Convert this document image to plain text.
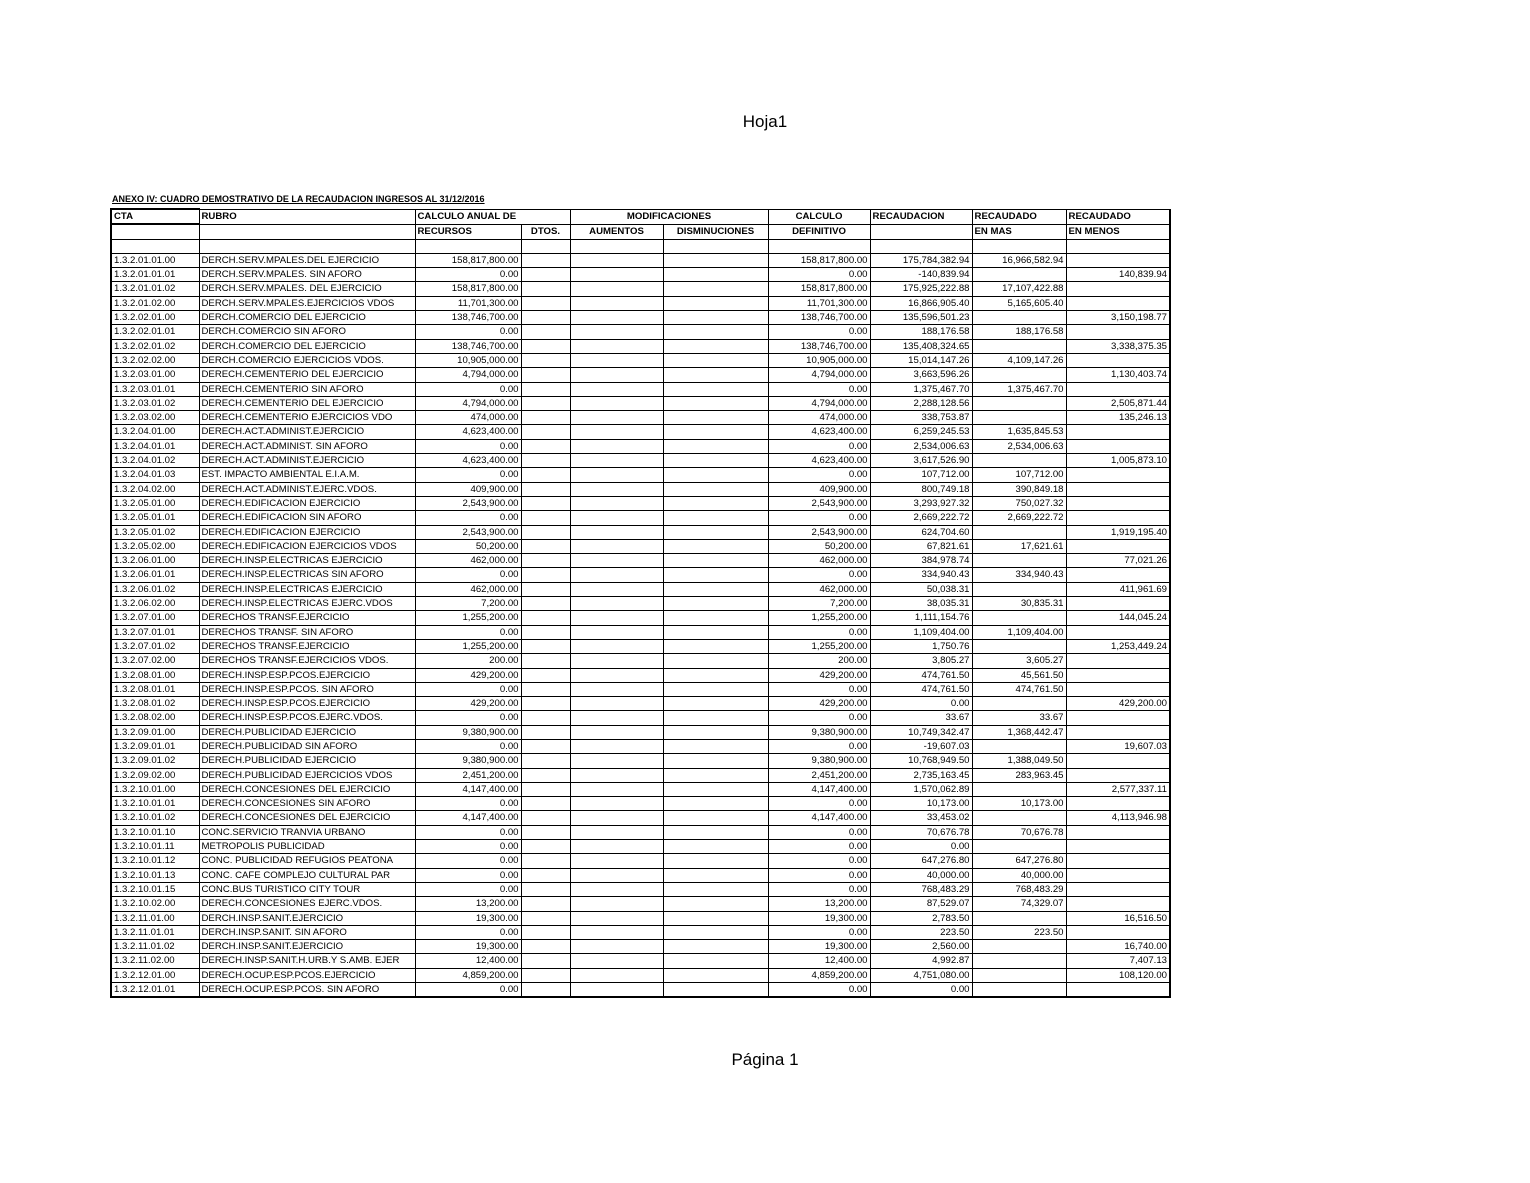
Hoja1
ANEXO IV: CUADRO DEMOSTRATIVO DE LA RECAUDACION INGRESOS AL 31/12/2016
CTA	RUBRO	CALCULO ANUAL DE		MODIFICACIONES		CALCULO	RECAUDACION	RECAUDADO	RECAUDADO
		RECURSOS	DTOS.	AUMENTOS	DISMINUCIONES	DEFINITIVO		EN MAS	EN MENOS

1.3.2.01.01.00	DERCH.SERV.MPALES.DEL EJERCICIO	158,817,800.00				158,817,800.00	175,784,382.94	16,966,582.94	
1.3.2.01.01.01	DERCH.SERV.MPALES. SIN AFORO	0.00				0.00	-140,839.94		140,839.94
1.3.2.01.01.02	DERCH.SERV.MPALES. DEL EJERCICIO	158,817,800.00				158,817,800.00	175,925,222.88	17,107,422.88	
1.3.2.01.02.00	DERCH.SERV.MPALES.EJERCICIOS VDOS	11,701,300.00				11,701,300.00	16,866,905.40	5,165,605.40	
1.3.2.02.01.00	DERCH.COMERCIO DEL EJERCICIO	138,746,700.00				138,746,700.00	135,596,501.23		3,150,198.77
1.3.2.02.01.01	DERCH.COMERCIO SIN AFORO	0.00				0.00	188,176.58	188,176.58	
1.3.2.02.01.02	DERCH.COMERCIO DEL EJERCICIO	138,746,700.00				138,746,700.00	135,408,324.65		3,338,375.35
1.3.2.02.02.00	DERCH.COMERCIO EJERCICIOS VDOS.	10,905,000.00				10,905,000.00	15,014,147.26	4,109,147.26	
1.3.2.03.01.00	DERECH.CEMENTERIO DEL EJERCICIO	4,794,000.00				4,794,000.00	3,663,596.26		1,130,403.74
1.3.2.03.01.01	DERECH.CEMENTERIO SIN AFORO	0.00				0.00	1,375,467.70	1,375,467.70	
1.3.2.03.01.02	DERECH.CEMENTERIO DEL EJERCICIO	4,794,000.00				4,794,000.00	2,288,128.56		2,505,871.44
1.3.2.03.02.00	DERECH.CEMENTERIO EJERCICIOS VDO	474,000.00				474,000.00	338,753.87		135,246.13
1.3.2.04.01.00	DERECH.ACT.ADMINIST.EJERCICIO	4,623,400.00				4,623,400.00	6,259,245.53	1,635,845.53	
1.3.2.04.01.01	DERECH.ACT.ADMINIST. SIN AFORO	0.00				0.00	2,534,006.63	2,534,006.63	
1.3.2.04.01.02	DERECH.ACT.ADMINIST.EJERCICIO	4,623,400.00				4,623,400.00	3,617,526.90		1,005,873.10
1.3.2.04.01.03	EST. IMPACTO AMBIENTAL E.I.A.M.	0.00				0.00	107,712.00	107,712.00	
1.3.2.04.02.00	DERECH.ACT.ADMINIST.EJERC.VDOS.	409,900.00				409,900.00	800,749.18	390,849.18	
1.3.2.05.01.00	DERECH.EDIFICACION EJERCICIO	2,543,900.00				2,543,900.00	3,293,927.32	750,027.32	
1.3.2.05.01.01	DERECH.EDIFICACION SIN AFORO	0.00				0.00	2,669,222.72	2,669,222.72	
1.3.2.05.01.02	DERECH.EDIFICACION EJERCICIO	2,543,900.00				2,543,900.00	624,704.60		1,919,195.40
1.3.2.05.02.00	DERECH.EDIFICACION EJERCICIOS VDOS	50,200.00				50,200.00	67,821.61	17,621.61	
1.3.2.06.01.00	DERECH.INSP.ELECTRICAS EJERCICIO	462,000.00				462,000.00	384,978.74		77,021.26
1.3.2.06.01.01	DERECH.INSP.ELECTRICAS SIN AFORO	0.00				0.00	334,940.43	334,940.43	
1.3.2.06.01.02	DERECH.INSP.ELECTRICAS EJERCICIO	462,000.00				462,000.00	50,038.31		411,961.69
1.3.2.06.02.00	DERECH.INSP.ELECTRICAS EJERC.VDOS	7,200.00				7,200.00	38,035.31	30,835.31	
1.3.2.07.01.00	DERECHOS TRANSF.EJERCICIO	1,255,200.00				1,255,200.00	1,111,154.76		144,045.24
1.3.2.07.01.01	DERECHOS TRANSF. SIN AFORO	0.00				0.00	1,109,404.00	1,109,404.00	
1.3.2.07.01.02	DERECHOS TRANSF.EJERCICIO	1,255,200.00				1,255,200.00	1,750.76		1,253,449.24
1.3.2.07.02.00	DERECHOS TRANSF.EJERCICIOS VDOS.	200.00				200.00	3,805.27	3,605.27	
1.3.2.08.01.00	DERECH.INSP.ESP.PCOS.EJERCICIO	429,200.00				429,200.00	474,761.50	45,561.50	
1.3.2.08.01.01	DERECH.INSP.ESP.PCOS. SIN AFORO	0.00				0.00	474,761.50	474,761.50	
1.3.2.08.01.02	DERECH.INSP.ESP.PCOS.EJERCICIO	429,200.00				429,200.00	0.00		429,200.00
1.3.2.08.02.00	DERECH.INSP.ESP.PCOS.EJERC.VDOS.	0.00				0.00	33.67	33.67	
1.3.2.09.01.00	DERECH.PUBLICIDAD EJERCICIO	9,380,900.00				9,380,900.00	10,749,342.47	1,368,442.47	
1.3.2.09.01.01	DERECH.PUBLICIDAD SIN AFORO	0.00				0.00	-19,607.03		19,607.03
1.3.2.09.01.02	DERECH.PUBLICIDAD EJERCICIO	9,380,900.00				9,380,900.00	10,768,949.50	1,388,049.50	
1.3.2.09.02.00	DERECH.PUBLICIDAD EJERCICIOS VDOS	2,451,200.00				2,451,200.00	2,735,163.45	283,963.45	
1.3.2.10.01.00	DERECH.CONCESIONES DEL EJERCICIO	4,147,400.00				4,147,400.00	1,570,062.89		2,577,337.11
1.3.2.10.01.01	DERECH.CONCESIONES SIN AFORO	0.00				0.00	10,173.00	10,173.00	
1.3.2.10.01.02	DERECH.CONCESIONES DEL EJERCICIO	4,147,400.00				4,147,400.00	33,453.02		4,113,946.98
1.3.2.10.01.10	CONC.SERVICIO TRANVIA URBANO	0.00				0.00	70,676.78	70,676.78	
1.3.2.10.01.11	METROPOLIS PUBLICIDAD	0.00				0.00	0.00		
1.3.2.10.01.12	CONC. PUBLICIDAD REFUGIOS PEATONA	0.00				0.00	647,276.80	647,276.80	
1.3.2.10.01.13	CONC. CAFE COMPLEJO CULTURAL PAR	0.00				0.00	40,000.00	40,000.00	
1.3.2.10.01.15	CONC.BUS TURISTICO CITY TOUR	0.00				0.00	768,483.29	768,483.29	
1.3.2.10.02.00	DERECH.CONCESIONES EJERC.VDOS.	13,200.00				13,200.00	87,529.07	74,329.07	
1.3.2.11.01.00	DERCH.INSP.SANIT.EJERCICIO	19,300.00				19,300.00	2,783.50		16,516.50
1.3.2.11.01.01	DERCH.INSP.SANIT. SIN AFORO	0.00				0.00	223.50	223.50	
1.3.2.11.01.02	DERCH.INSP.SANIT.EJERCICIO	19,300.00				19,300.00	2,560.00		16,740.00
1.3.2.11.02.00	DERECH.INSP.SANIT.H.URB.Y S.AMB. EJER	12,400.00				12,400.00	4,992.87		7,407.13
1.3.2.12.01.00	DERECH.OCUP.ESP.PCOS.EJERCICIO	4,859,200.00				4,859,200.00	4,751,080.00		108,120.00
1.3.2.12.01.01	DERECH.OCUP.ESP.PCOS. SIN AFORO	0.00				0.00	0.00		
Página 1
